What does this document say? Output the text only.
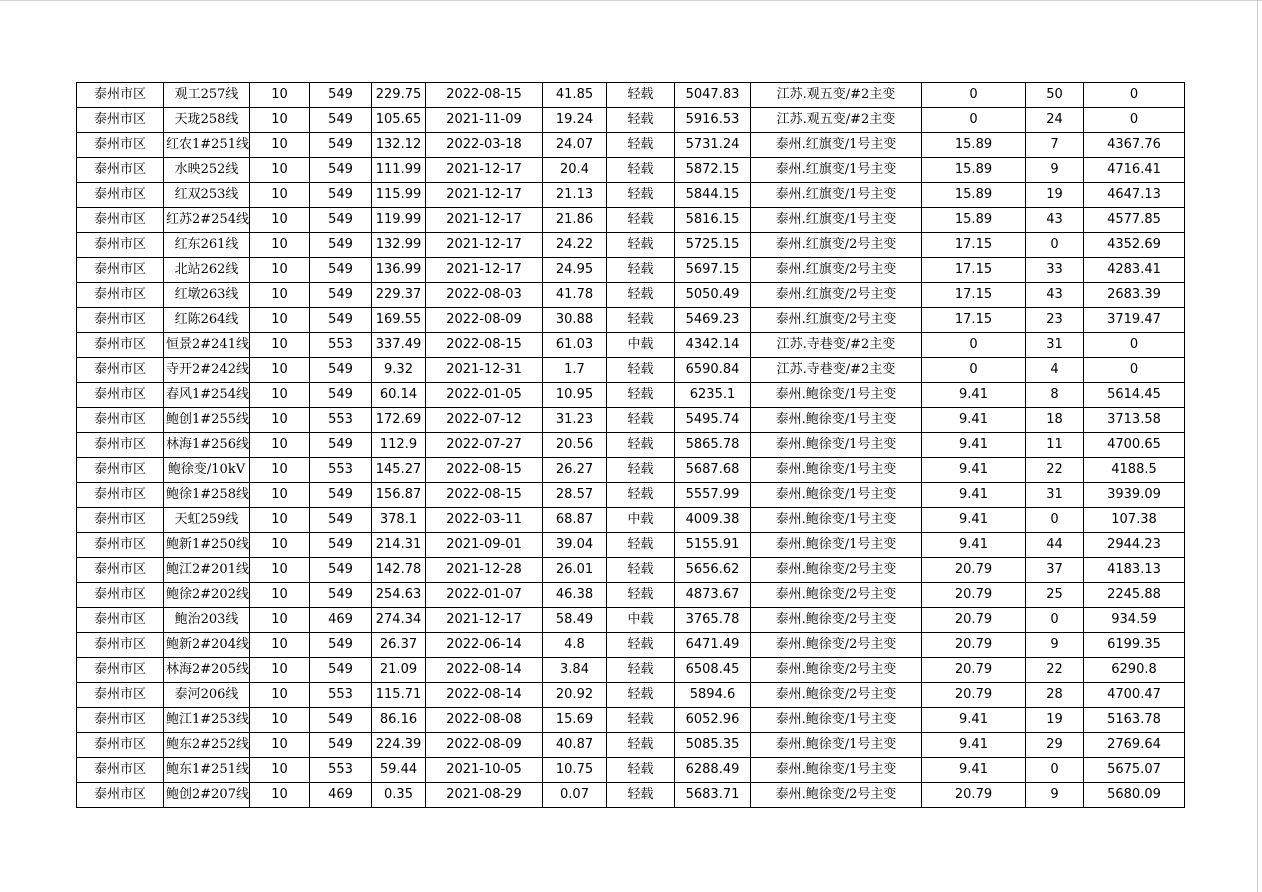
泰州市区	观工257线	10	549	229.75	2022-08-15	41.85	轻载	5047.83	江苏.观五变/#2主变	0	50	0
泰州市区	天珑258线	10	549	105.65	2021-11-09	19.24	轻载	5916.53	江苏.观五变/#2主变	0	24	0
泰州市区	红农1#251线	10	549	132.12	2022-03-18	24.07	轻载	5731.24	泰州.红旗变/1号主变	15.89	7	4367.76
泰州市区	水映252线	10	549	111.99	2021-12-17	20.4	轻载	5872.15	泰州.红旗变/1号主变	15.89	9	4716.41
泰州市区	红双253线	10	549	115.99	2021-12-17	21.13	轻载	5844.15	泰州.红旗变/1号主变	15.89	19	4647.13
泰州市区	红苏2#254线	10	549	119.99	2021-12-17	21.86	轻载	5816.15	泰州.红旗变/1号主变	15.89	43	4577.85
泰州市区	红东261线	10	549	132.99	2021-12-17	24.22	轻载	5725.15	泰州.红旗变/2号主变	17.15	0	4352.69
泰州市区	北站262线	10	549	136.99	2021-12-17	24.95	轻载	5697.15	泰州.红旗变/2号主变	17.15	33	4283.41
泰州市区	红墩263线	10	549	229.37	2022-08-03	41.78	轻载	5050.49	泰州.红旗变/2号主变	17.15	43	2683.39
泰州市区	红陈264线	10	549	169.55	2022-08-09	30.88	轻载	5469.23	泰州.红旗变/2号主变	17.15	23	3719.47
泰州市区	恒景2#241线	10	553	337.49	2022-08-15	61.03	中载	4342.14	江苏.寺巷变/#2主变	0	31	0
泰州市区	寺开2#242线	10	549	9.32	2021-12-31	1.7	轻载	6590.84	江苏.寺巷变/#2主变	0	4	0
泰州市区	春风1#254线	10	549	60.14	2022-01-05	10.95	轻载	6235.1	泰州.鲍徐变/1号主变	9.41	8	5614.45
泰州市区	鲍创1#255线	10	553	172.69	2022-07-12	31.23	轻载	5495.74	泰州.鲍徐变/1号主变	9.41	18	3713.58
泰州市区	林海1#256线	10	549	112.9	2022-07-27	20.56	轻载	5865.78	泰州.鲍徐变/1号主变	9.41	11	4700.65
泰州市区	鲍徐变/10kV	10	553	145.27	2022-08-15	26.27	轻载	5687.68	泰州.鲍徐变/1号主变	9.41	22	4188.5
泰州市区	鲍徐1#258线	10	549	156.87	2022-08-15	28.57	轻载	5557.99	泰州.鲍徐变/1号主变	9.41	31	3939.09
泰州市区	天虹259线	10	549	378.1	2022-03-11	68.87	中载	4009.38	泰州.鲍徐变/1号主变	9.41	0	107.38
泰州市区	鲍新1#250线	10	549	214.31	2021-09-01	39.04	轻载	5155.91	泰州.鲍徐变/1号主变	9.41	44	2944.23
泰州市区	鲍江2#201线	10	549	142.78	2021-12-28	26.01	轻载	5656.62	泰州.鲍徐变/2号主变	20.79	37	4183.13
泰州市区	鲍徐2#202线	10	549	254.63	2022-01-07	46.38	轻载	4873.67	泰州.鲍徐变/2号主变	20.79	25	2245.88
泰州市区	鲍治203线	10	469	274.34	2021-12-17	58.49	中载	3765.78	泰州.鲍徐变/2号主变	20.79	0	934.59
泰州市区	鲍新2#204线	10	549	26.37	2022-06-14	4.8	轻载	6471.49	泰州.鲍徐变/2号主变	20.79	9	6199.35
泰州市区	林海2#205线	10	549	21.09	2022-08-14	3.84	轻载	6508.45	泰州.鲍徐变/2号主变	20.79	22	6290.8
泰州市区	泰河206线	10	553	115.71	2022-08-14	20.92	轻载	5894.6	泰州.鲍徐变/2号主变	20.79	28	4700.47
泰州市区	鲍江1#253线	10	549	86.16	2022-08-08	15.69	轻载	6052.96	泰州.鲍徐变/1号主变	9.41	19	5163.78
泰州市区	鲍东2#252线	10	549	224.39	2022-08-09	40.87	轻载	5085.35	泰州.鲍徐变/1号主变	9.41	29	2769.64
泰州市区	鲍东1#251线	10	553	59.44	2021-10-05	10.75	轻载	6288.49	泰州.鲍徐变/1号主变	9.41	0	5675.07
泰州市区	鲍创2#207线	10	469	0.35	2021-08-29	0.07	轻载	5683.71	泰州.鲍徐变/2号主变	20.79	9	5680.09
